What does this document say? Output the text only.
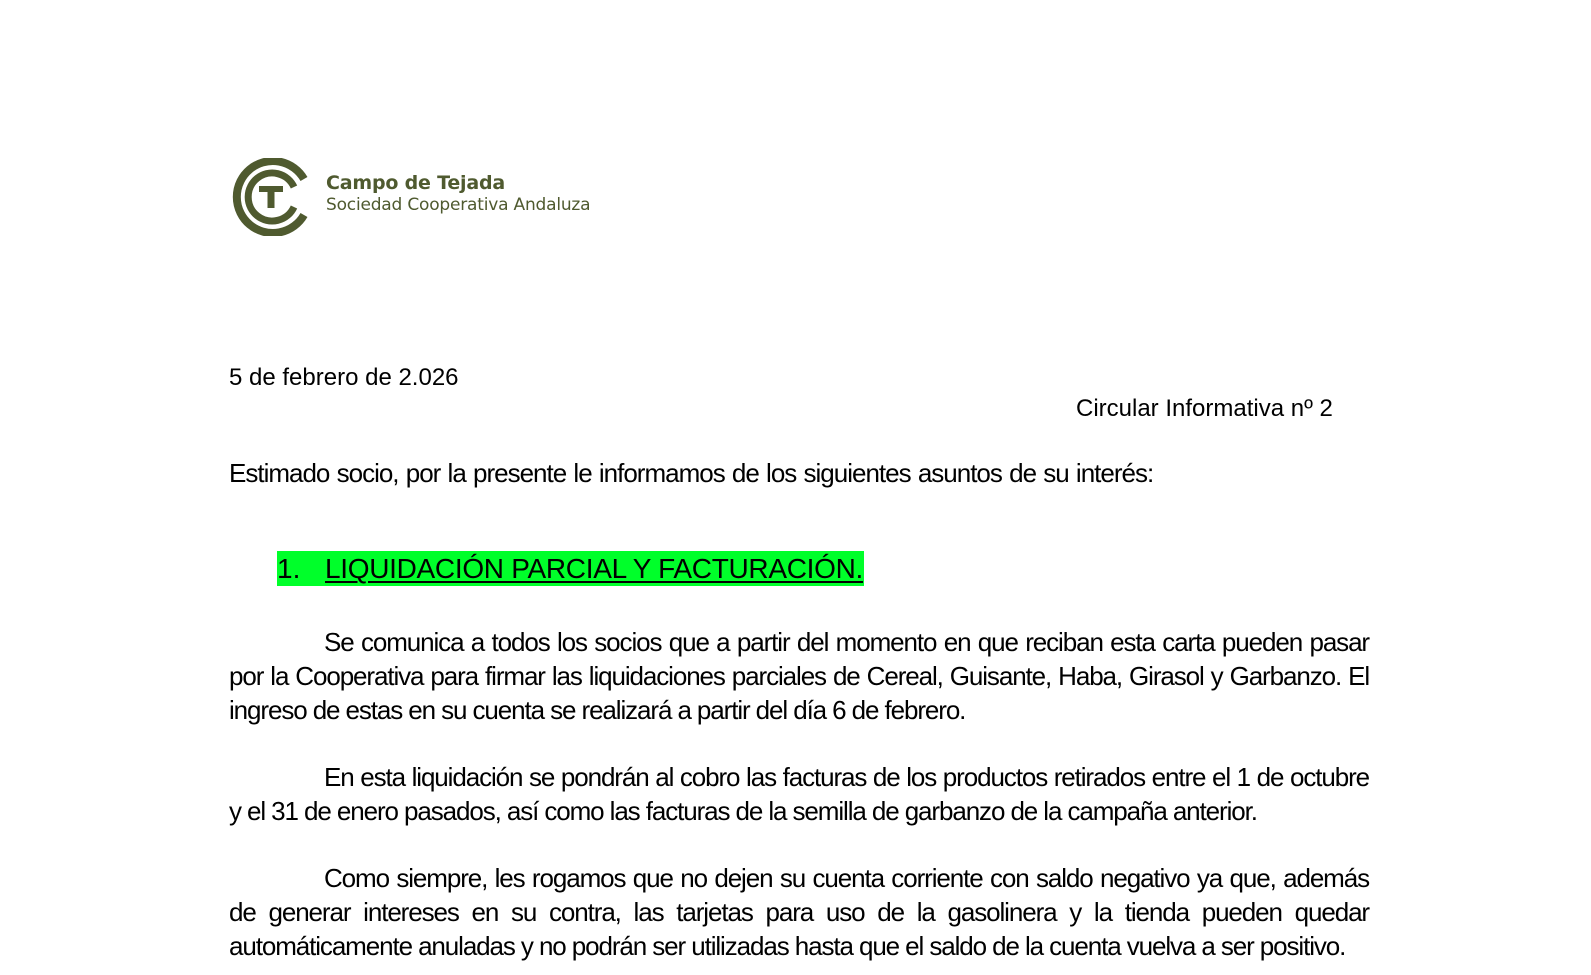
Campo de Tejada
Sociedad Cooperativa Andaluza
5 de febrero de 2.026
Circular Informativa nº 2
Estimado socio, por la presente le informamos de los siguientes asuntos de su interés:
1. LIQUIDACIÓN PARCIAL Y FACTURACIÓN.
Se comunica a todos los socios que a partir del momento en que reciban esta carta pueden pasar por la Cooperativa para firmar las liquidaciones parciales de Cereal, Guisante, Haba, Girasol y Garbanzo. El ingreso de estas en su cuenta se realizará a partir del día 6 de febrero.
En esta liquidación se pondrán al cobro las facturas de los productos retirados entre el 1 de octubre y el 31 de enero pasados, así como las facturas de la semilla de garbanzo de la campaña anterior.
Como siempre, les rogamos que no dejen su cuenta corriente con saldo negativo ya que, además de generar intereses en su contra, las tarjetas para uso de la gasolinera y la tienda pueden quedar automáticamente anuladas y no podrán ser utilizadas hasta que el saldo de la cuenta vuelva a ser positivo.
